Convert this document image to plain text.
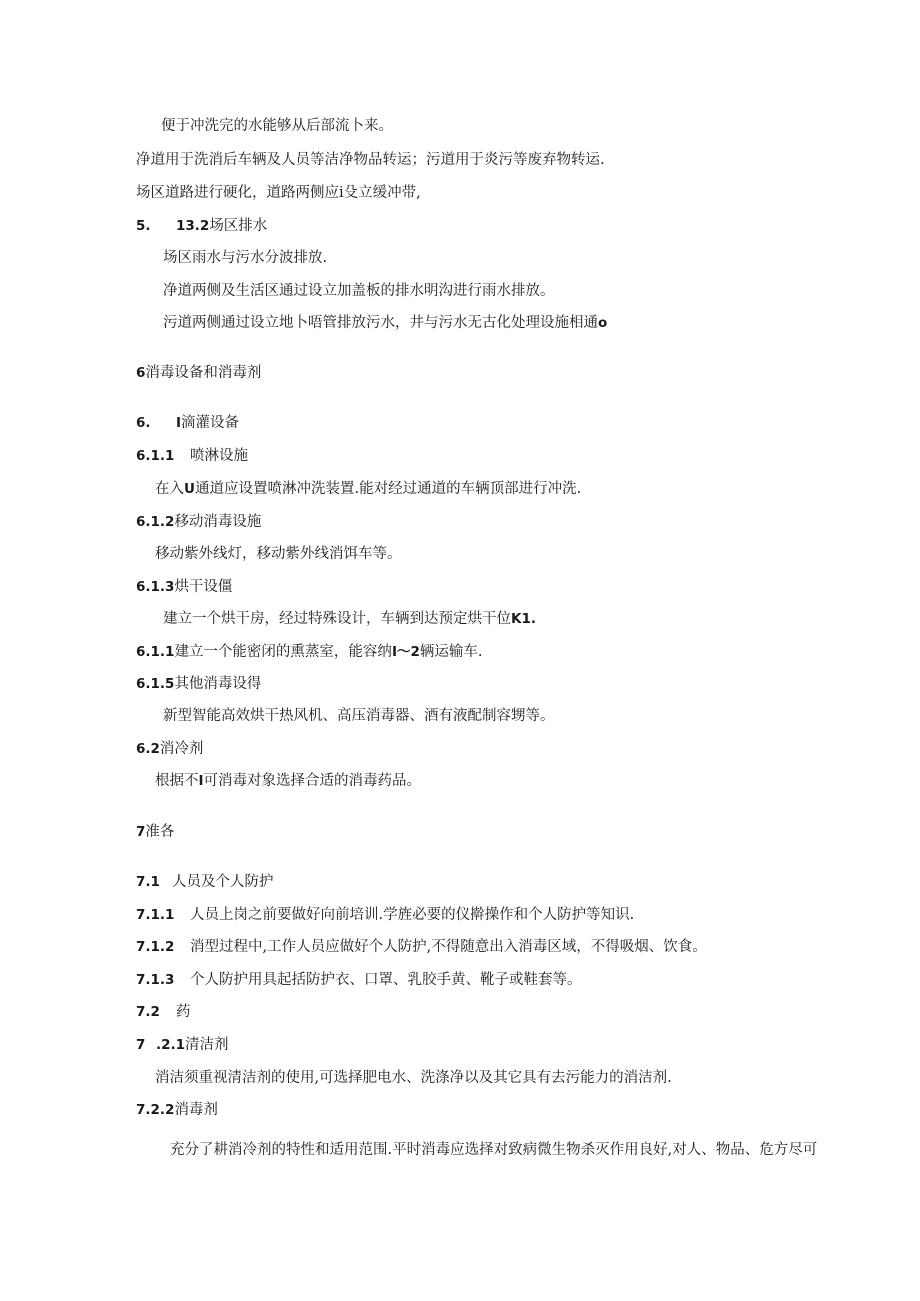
便于冲洗完的水能够从后部流卜来。
净道用于洗消后车辆及人员等洁净物品转运；污道用于炎污等废弃物转运.
场区道路进行硬化，道路两侧应i殳立缓冲带,
5. 13.2场区排水
场区雨水与污水分波排放.
净道两侧及生活区通过设立加盖板的排水明沟进行雨水排放。
污道两侧通过设立地卜唔管排放污水，井与污水无古化处理设施相通o
6消毒设备和消毒剂
6. I滴灌设备
6.1.1 喷淋设施
在入U通道应设置喷淋冲洗装置.能对经过通道的车辆顶部进行冲洗.
6.1.2移动消毒设施
移动紫外线灯，移动紫外线消饵车等。
6.1.3烘干设僵
建立一个烘干房，经过特殊设计，车辆到达预定烘干位K1.
6.1.1建立一个能密闭的熏蒸室，能容纳I～2辆运输车.
6.1.5其他消毒设得
新型智能高效烘干热风机、高压消毒器、酒有液配制容甥等。
6.2消冷剂
根据不I可消毒对象选择合适的消毒药品。
7准各
7.1 人员及个人防护
7.1.1 人员上岗之前要做好向前培训.学旌必要的仪擀操作和个人防护等知识.
7.1.2 消型过程中,工作人员应做好个人防护,不得随意出入消毒区域，不得吸烟、饮食。
7.1.3 个人防护用具起括防护衣、口罩、乳胶手黄、靴子或鞋套等。
7.2 药
7 .2.1清洁剂
消洁须重视清洁剂的使用,可选择肥电水、洗涤净以及其它具有去污能力的消洁剂.
7.2.2消毒剂
充分了耕消冷剂的特性和适用范围.平时消毒应选择对致病微生物杀灭作用良好,对人、物品、危方尽可
